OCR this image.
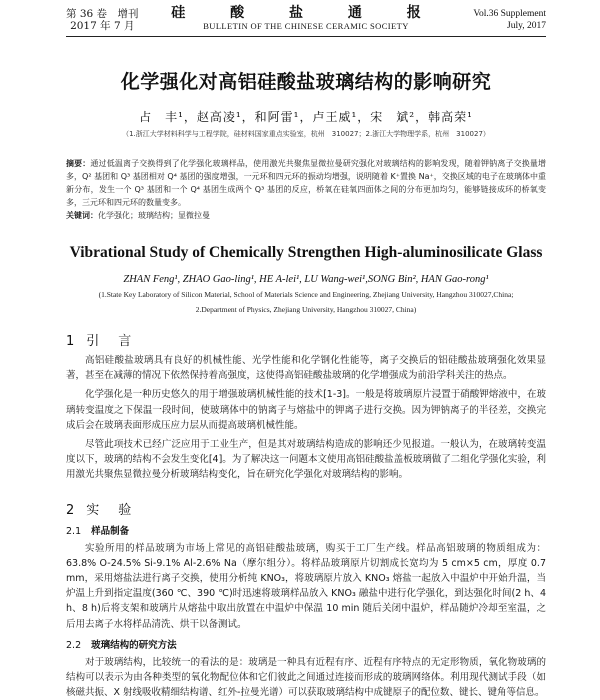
第 36 卷　增刊
2017 年 7 月
硅 酸 盐 通 报
BULLETIN OF THE CHINESE CERAMIC SOCIETY
Vol.36 Supplement
July, 2017
化学强化对高铝硅酸盐玻璃结构的影响研究
占　丰¹，赵高凌¹，和阿雷¹，卢王威¹，宋　斌²，韩高荣¹
（1.浙江大学材料科学与工程学院，硅材料国家重点实验室，杭州　310027；2.浙江大学物理学系，杭州　310027）
摘要：通过低温离子交换得到了化学强化玻璃样品，使用激光共聚焦显微拉曼研究强化对玻璃结构的影响发现，随着钾钠离子交换量增多，Q² 基团和 Q³ 基团相对 Q⁴ 基团的强度增强，一元环和四元环的振动均增强，说明随着 K⁺置换 Na⁺，交换区域的电子在玻璃体中重新分布，发生一个 Q³ 基团和一个 Q⁴ 基团生成两个 Q³ 基团的反应，桥氧在硅氧四面体之间的分布更加均匀，能够链接成环的桥氧变多，三元环和四元环的数量变多。
关键词：化学强化；玻璃结构；显微拉曼
Vibrational Study of Chemically Strengthen High-aluminosilicate Glass
ZHAN Feng¹, ZHAO Gao-ling¹, HE A-lei¹, LU Wang-wei¹,SONG Bin², HAN Gao-rong¹
(1.State Key Laboratory of Silicon Material, School of Materials Science and Engineering, Zhejiang University, Hangzhou 310027,China;
2.Department of Physics, Zhejiang University, Hangzhou 310027, China)
1 引　言

高铝硅酸盐玻璃具有良好的机械性能、光学性能和化学钢化性能等，离子交换后的铝硅酸盐玻璃强化效果显著，甚至在减薄的情况下依然保持着高强度，这使得高铝硅酸盐玻璃的化学增强成为前沿学科关注的热点。

化学强化是一种历史悠久的用于增强玻璃机械性能的技术[1-3]。一般是将玻璃原片浸置于硝酸钾熔液中，在玻璃转变温度之下保温一段时间，使玻璃体中的钠离子与熔盐中的钾离子进行交换。因为钾钠离子的半径差，交换完成后会在玻璃表面形成压应力层从而提高玻璃机械性能。

尽管此项技术已经广泛应用于工业生产，但是其对玻璃结构造成的影响还少见报道。一般认为，在玻璃转变温度以下，玻璃的结构不会发生变化[4]。为了解决这一问题本文使用高铝硅酸盐盖板玻璃做了二组化学强化实验，利用激光共聚焦显微拉曼分析玻璃结构变化，旨在研究化学强化对玻璃结构的影响。

2 实　验
2.1 样品制备

实验所用的样品玻璃为市场上常见的高铝硅酸盐玻璃，购买于工厂生产线。样品高铝玻璃的物质组成为：63.8% O-24.5% Si-9.1% Al-2.6% Na（摩尔组分）。将样品玻璃原片切割成长宽均为 5 cm×5 cm，厚度 0.7 mm，采用熔盐法进行离子交换，使用分析纯 KNO₃，将玻璃原片放入 KNO₃ 熔盐一起放入中温炉中开始升温，当炉温上升到指定温度(360 ℃、390 ℃)时迅速将玻璃样品放入 KNO₃ 融盐中进行化学强化，到达强化时间(2 h、4 h、8 h)后将支架和玻璃片从熔盐中取出放置在中温炉中保温 10 min 随后关闭中温炉，样品随炉冷却至室温，之后用去离子水将样品清洗、烘干以备测试。

2.2 玻璃结构的研究方法

对于玻璃结构，比较统一的看法的是：玻璃是一种具有近程有序、近程有序特点的无定形物质，氧化物玻璃的结构可以表示为由各种类型的氧化物配位体和它们彼此之间通过连接而形成的玻璃网络体。利用现代测试手段（如核磁共振、X 射线吸收精细结构谱、红外-拉曼光谱）可以获取玻璃结构中成键原子的配位数、键长、键角等信息。
